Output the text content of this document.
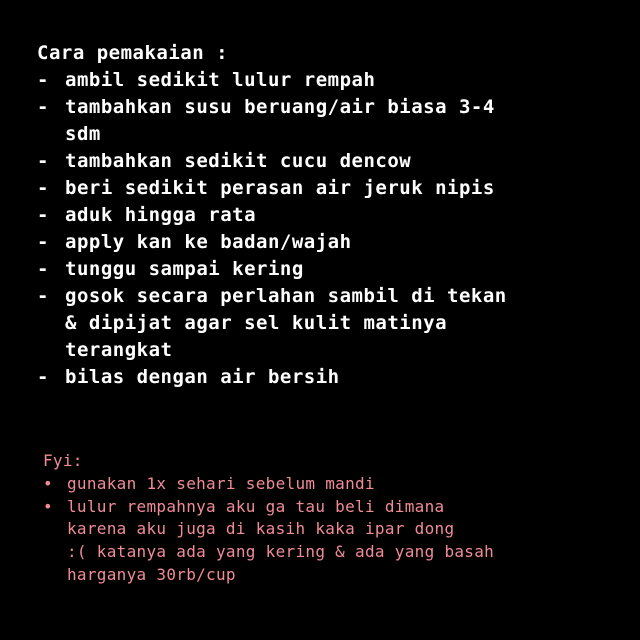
Cara pemakaian :
- ambil sedikit lulur rempah
- tambahkan susu beruang/air biasa 3-4
sdm
- tambahkan sedikit cucu dencow
- beri sedikit perasan air jeruk nipis
- aduk hingga rata
- apply kan ke badan/wajah
- tunggu sampai kering
- gosok secara perlahan sambil di tekan
& dipijat agar sel kulit matinya
terangkat
- bilas dengan air bersih
Fyi:
• gunakan 1x sehari sebelum mandi
• lulur rempahnya aku ga tau beli dimana
karena aku juga di kasih kaka ipar dong
:( katanya ada yang kering & ada yang basah
harganya 30rb/cup
